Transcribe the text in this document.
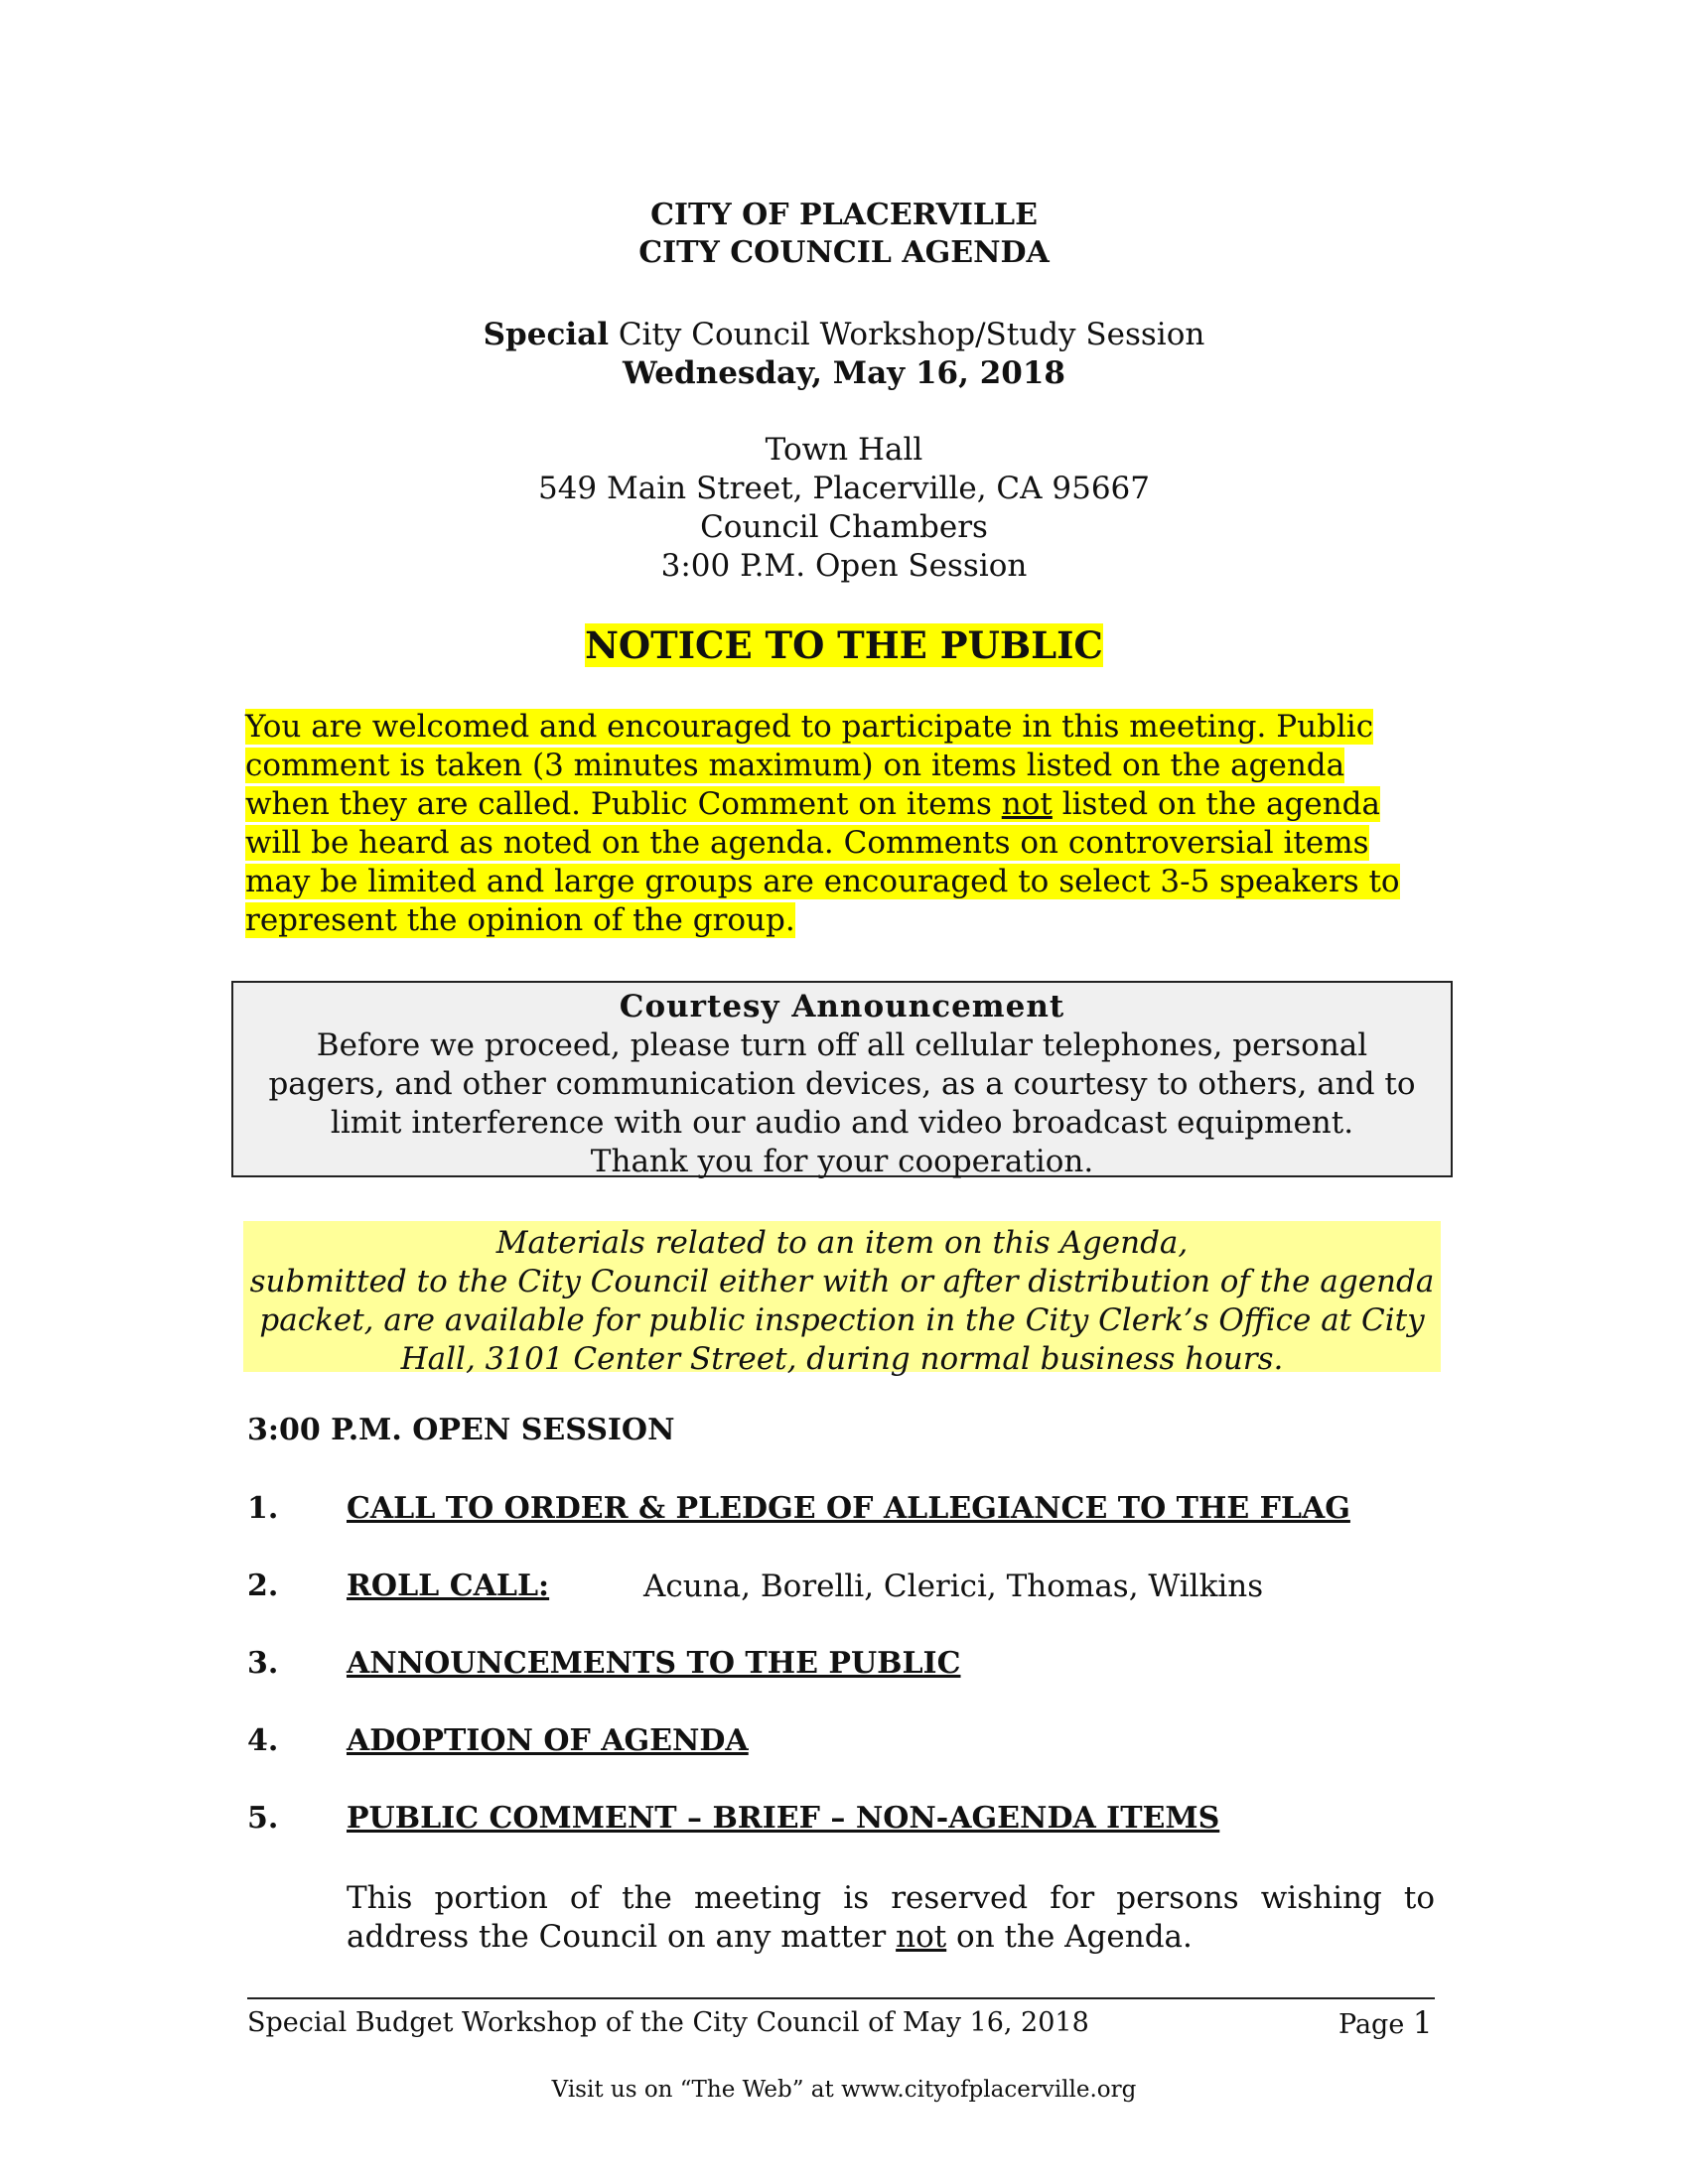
CITY OF PLACERVILLE
CITY COUNCIL AGENDA
Special City Council Workshop/Study Session
Wednesday, May 16, 2018
Town Hall
549 Main Street, Placerville, CA 95667
Council Chambers
3:00 P.M. Open Session
NOTICE TO THE PUBLIC
You are welcomed and encouraged to participate in this meeting. Public
comment is taken (3 minutes maximum) on items listed on the agenda
when they are called. Public Comment on items not listed on the agenda
will be heard as noted on the agenda. Comments on controversial items
may be limited and large groups are encouraged to select 3-5 speakers to
represent the opinion of the group.
Courtesy Announcement
Before we proceed, please turn off all cellular telephones, personal
pagers, and other communication devices, as a courtesy to others, and to
limit interference with our audio and video broadcast equipment.
Thank you for your cooperation.
Materials related to an item on this Agenda,
submitted to the City Council either with or after distribution of the agenda
packet, are available for public inspection in the City Clerk’s Office at City
Hall, 3101 Center Street, during normal business hours.
3:00 P.M. OPEN SESSION
1. CALL TO ORDER & PLEDGE OF ALLEGIANCE TO THE FLAG
2. ROLL CALL:	Acuna, Borelli, Clerici, Thomas, Wilkins
3. ANNOUNCEMENTS TO THE PUBLIC
4. ADOPTION OF AGENDA
5. PUBLIC COMMENT – BRIEF – NON-AGENDA ITEMS
This portion of the meeting is reserved for persons wishing to address the Council on any matter not on the Agenda.
Special Budget Workshop of the City Council of May 16, 2018	Page 1
Visit us on “The Web” at www.cityofplacerville.org
